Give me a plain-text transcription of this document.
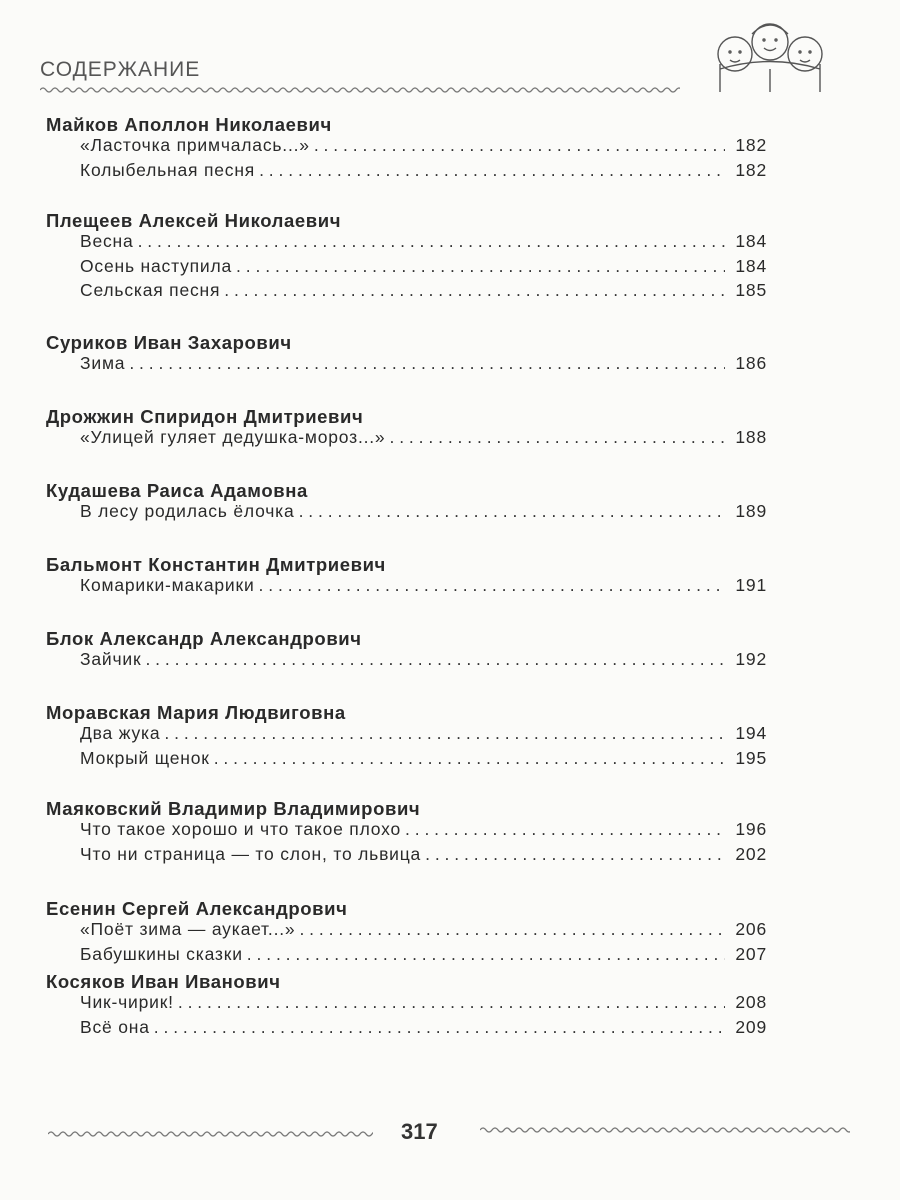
СОДЕРЖАНИЕ
Майков Аполлон Николаевич
«Ласточка примчалась...» . . .	182
Колыбельная песня . . .	182
Плещеев Алексей Николаевич
Весна . . .	184
Осень наступила . . .	184
Сельская песня . . .	185
Суриков Иван Захарович
Зима . . .	186
Дрожжин Спиридон Дмитриевич
«Улицей гуляет дедушка-мороз...» . . .	188
Кудашева Раиса Адамовна
В лесу родилась ёлочка . . .	189
Бальмонт Константин Дмитриевич
Комарики-макарики . . .	191
Блок Александр Александрович
Зайчик . . .	192
Моравская Мария Людвиговна
Два жука . . .	194
Мокрый щенок . . .	195
Маяковский Владимир Владимирович
Что такое хорошо и что такое плохо . . .	196
Что ни страница — то слон, то львица . . .	202
Есенин Сергей Александрович
«Поёт зима — аукает...» . . .	206
Бабушкины сказки . . .	207
Косяков Иван Иванович
Чик-чирик! . . .	208
Всё она . . .	209
317
